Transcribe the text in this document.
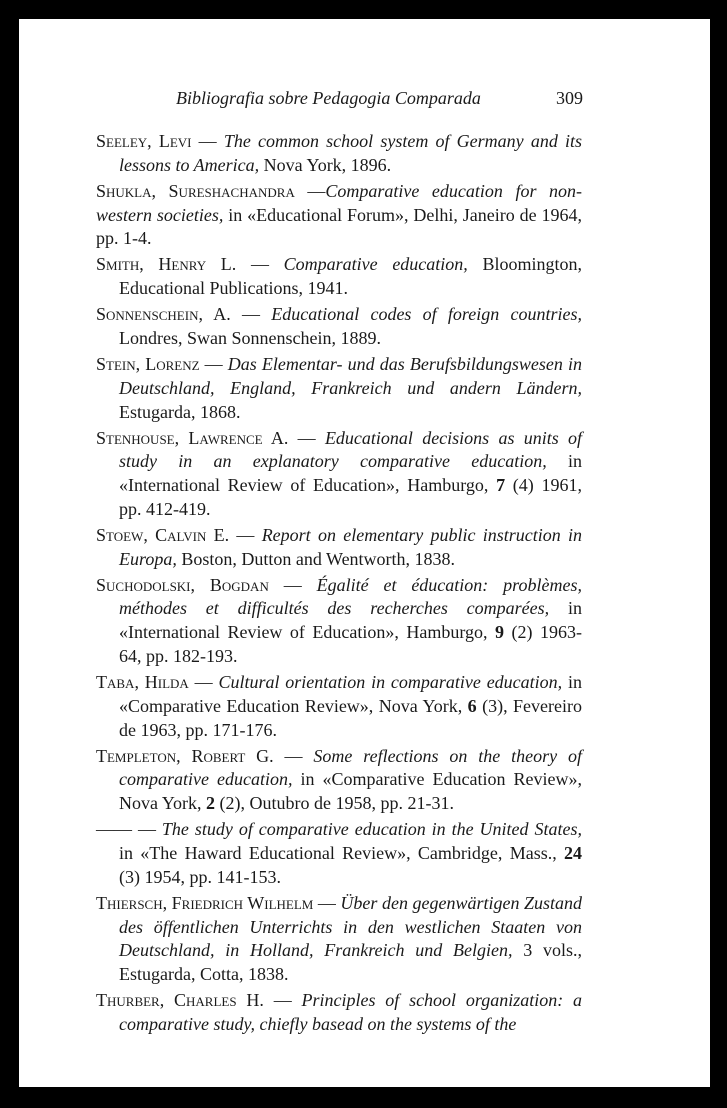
Bibliografia sobre Pedagogia Comparada	309

Seeley, Levi — The common school system of Germany and its lessons to America, Nova York, 1896.

Shukla, Sureshachandra —Comparative education for non-western societies, in «Educational Forum», Delhi, Janeiro de 1964, pp. 1-4.

Smith, Henry L. — Comparative education, Bloomington, Educational Publications, 1941.

Sonnenschein, A. — Educational codes of foreign countries, Londres, Swan Sonnenschein, 1889.

Stein, Lorenz — Das Elementar- und das Berufsbildungswesen in Deutschland, England, Frankreich und andern Ländern, Estugarda, 1868.

Stenhouse, Lawrence A. — Educational decisions as units of study in an explanatory comparative education, in «International Review of Education», Hamburgo, 7 (4) 1961, pp. 412-419.

Stoew, Calvin E. — Report on elementary public instruction in Europa, Boston, Dutton and Wentworth, 1838.

Suchodolski, Bogdan — Égalité et éducation: problèmes, méthodes et difficultés des recherches comparées, in «International Review of Education», Hamburgo, 9 (2) 1963-64, pp. 182-193.

Taba, Hilda — Cultural orientation in comparative education, in «Comparative Education Review», Nova York, 6 (3), Fevereiro de 1963, pp. 171-176.

Templeton, Robert G. — Some reflections on the theory of comparative education, in «Comparative Education Review», Nova York, 2 (2), Outubro de 1958, pp. 21-31.

—— — The study of comparative education in the United States, in «The Haward Educational Review», Cambridge, Mass., 24 (3) 1954, pp. 141-153.

Thiersch, Friedrich Wilhelm — Über den gegenwärtigen Zustand des öffentlichen Unterrichts in den westlichen Staaten von Deutschland, in Holland, Frankreich und Belgien, 3 vols., Estugarda, Cotta, 1838.

Thurber, Charles H. — Principles of school organization: a comparative study, chiefly basead on the systems of the
